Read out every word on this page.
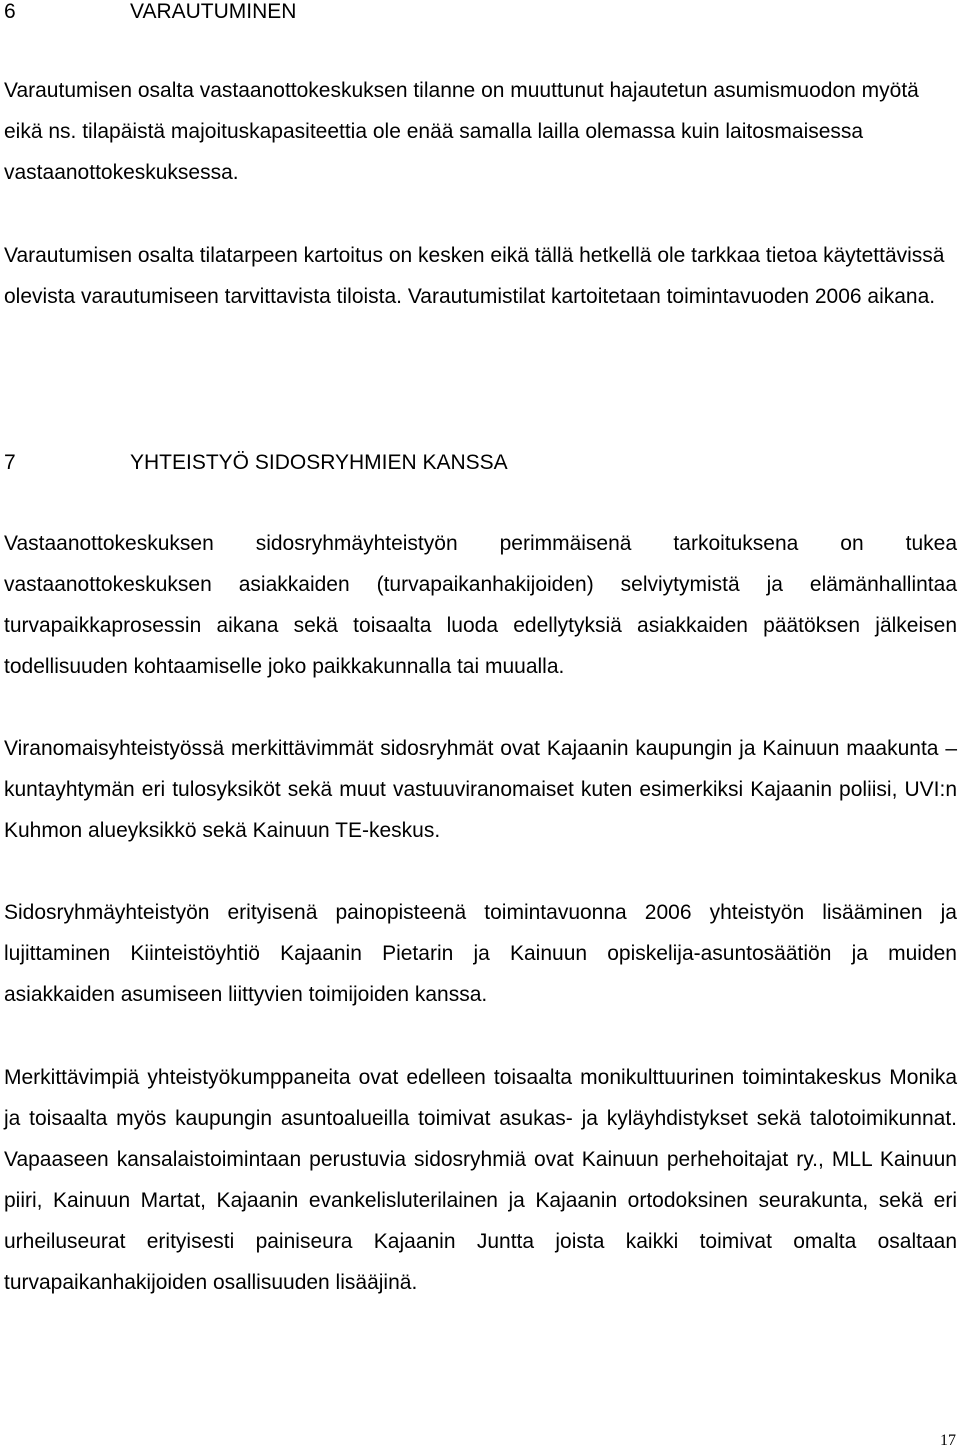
6	VARAUTUMINEN

Varautumisen osalta vastaanottokeskuksen tilanne on muuttunut hajautetun asumismuodon myötä eikä ns. tilapäistä majoituskapasiteettia ole enää samalla lailla olemassa kuin laitosmaisessa vastaanottokeskuksessa.

Varautumisen osalta tilatarpeen kartoitus on kesken eikä tällä hetkellä ole tarkkaa tietoa käytettävissä olevista varautumiseen tarvittavista tiloista. Varautumistilat kartoitetaan toimintavuoden 2006 aikana.

7	YHTEISTYÖ SIDOSRYHMIEN KANSSA

Vastaanottokeskuksen sidosryhmäyhteistyön perimmäisenä tarkoituksena on tukea vastaanottokeskuksen asiakkaiden (turvapaikanhakijoiden) selviytymistä ja elämänhallintaa turvapaikkaprosessin aikana sekä toisaalta luoda edellytyksiä asiakkaiden päätöksen jälkeisen todellisuuden kohtaamiselle joko paikkakunnalla tai muualla.

Viranomaisyhteistyössä merkittävimmät sidosryhmät ovat Kajaanin kaupungin ja Kainuun maakunta –kuntayhtymän eri tulosyksiköt sekä muut vastuuviranomaiset kuten esimerkiksi Kajaanin poliisi, UVI:n Kuhmon alueyksikkö sekä Kainuun TE-keskus.

Sidosryhmäyhteistyön erityisenä painopisteenä toimintavuonna 2006 yhteistyön lisääminen ja lujittaminen Kiinteistöyhtiö Kajaanin Pietarin ja Kainuun opiskelija-asuntosäätiön ja muiden asiakkaiden asumiseen liittyvien toimijoiden kanssa.

Merkittävimpiä yhteistyökumppaneita ovat edelleen toisaalta monikulttuurinen toimintakeskus Monika ja toisaalta myös kaupungin asuntoalueilla toimivat asukas- ja kyläyhdistykset sekä talotoimikunnat. Vapaaseen kansalaistoimintaan perustuvia sidosryhmiä ovat Kainuun perhehoitajat ry., MLL Kainuun piiri, Kainuun Martat, Kajaanin evankelisluterilainen ja Kajaanin ortodoksinen seurakunta, sekä eri urheiluseurat erityisesti painiseura Kajaanin Juntta joista kaikki toimivat omalta osaltaan turvapaikanhakijoiden osallisuuden lisääjinä.

17
